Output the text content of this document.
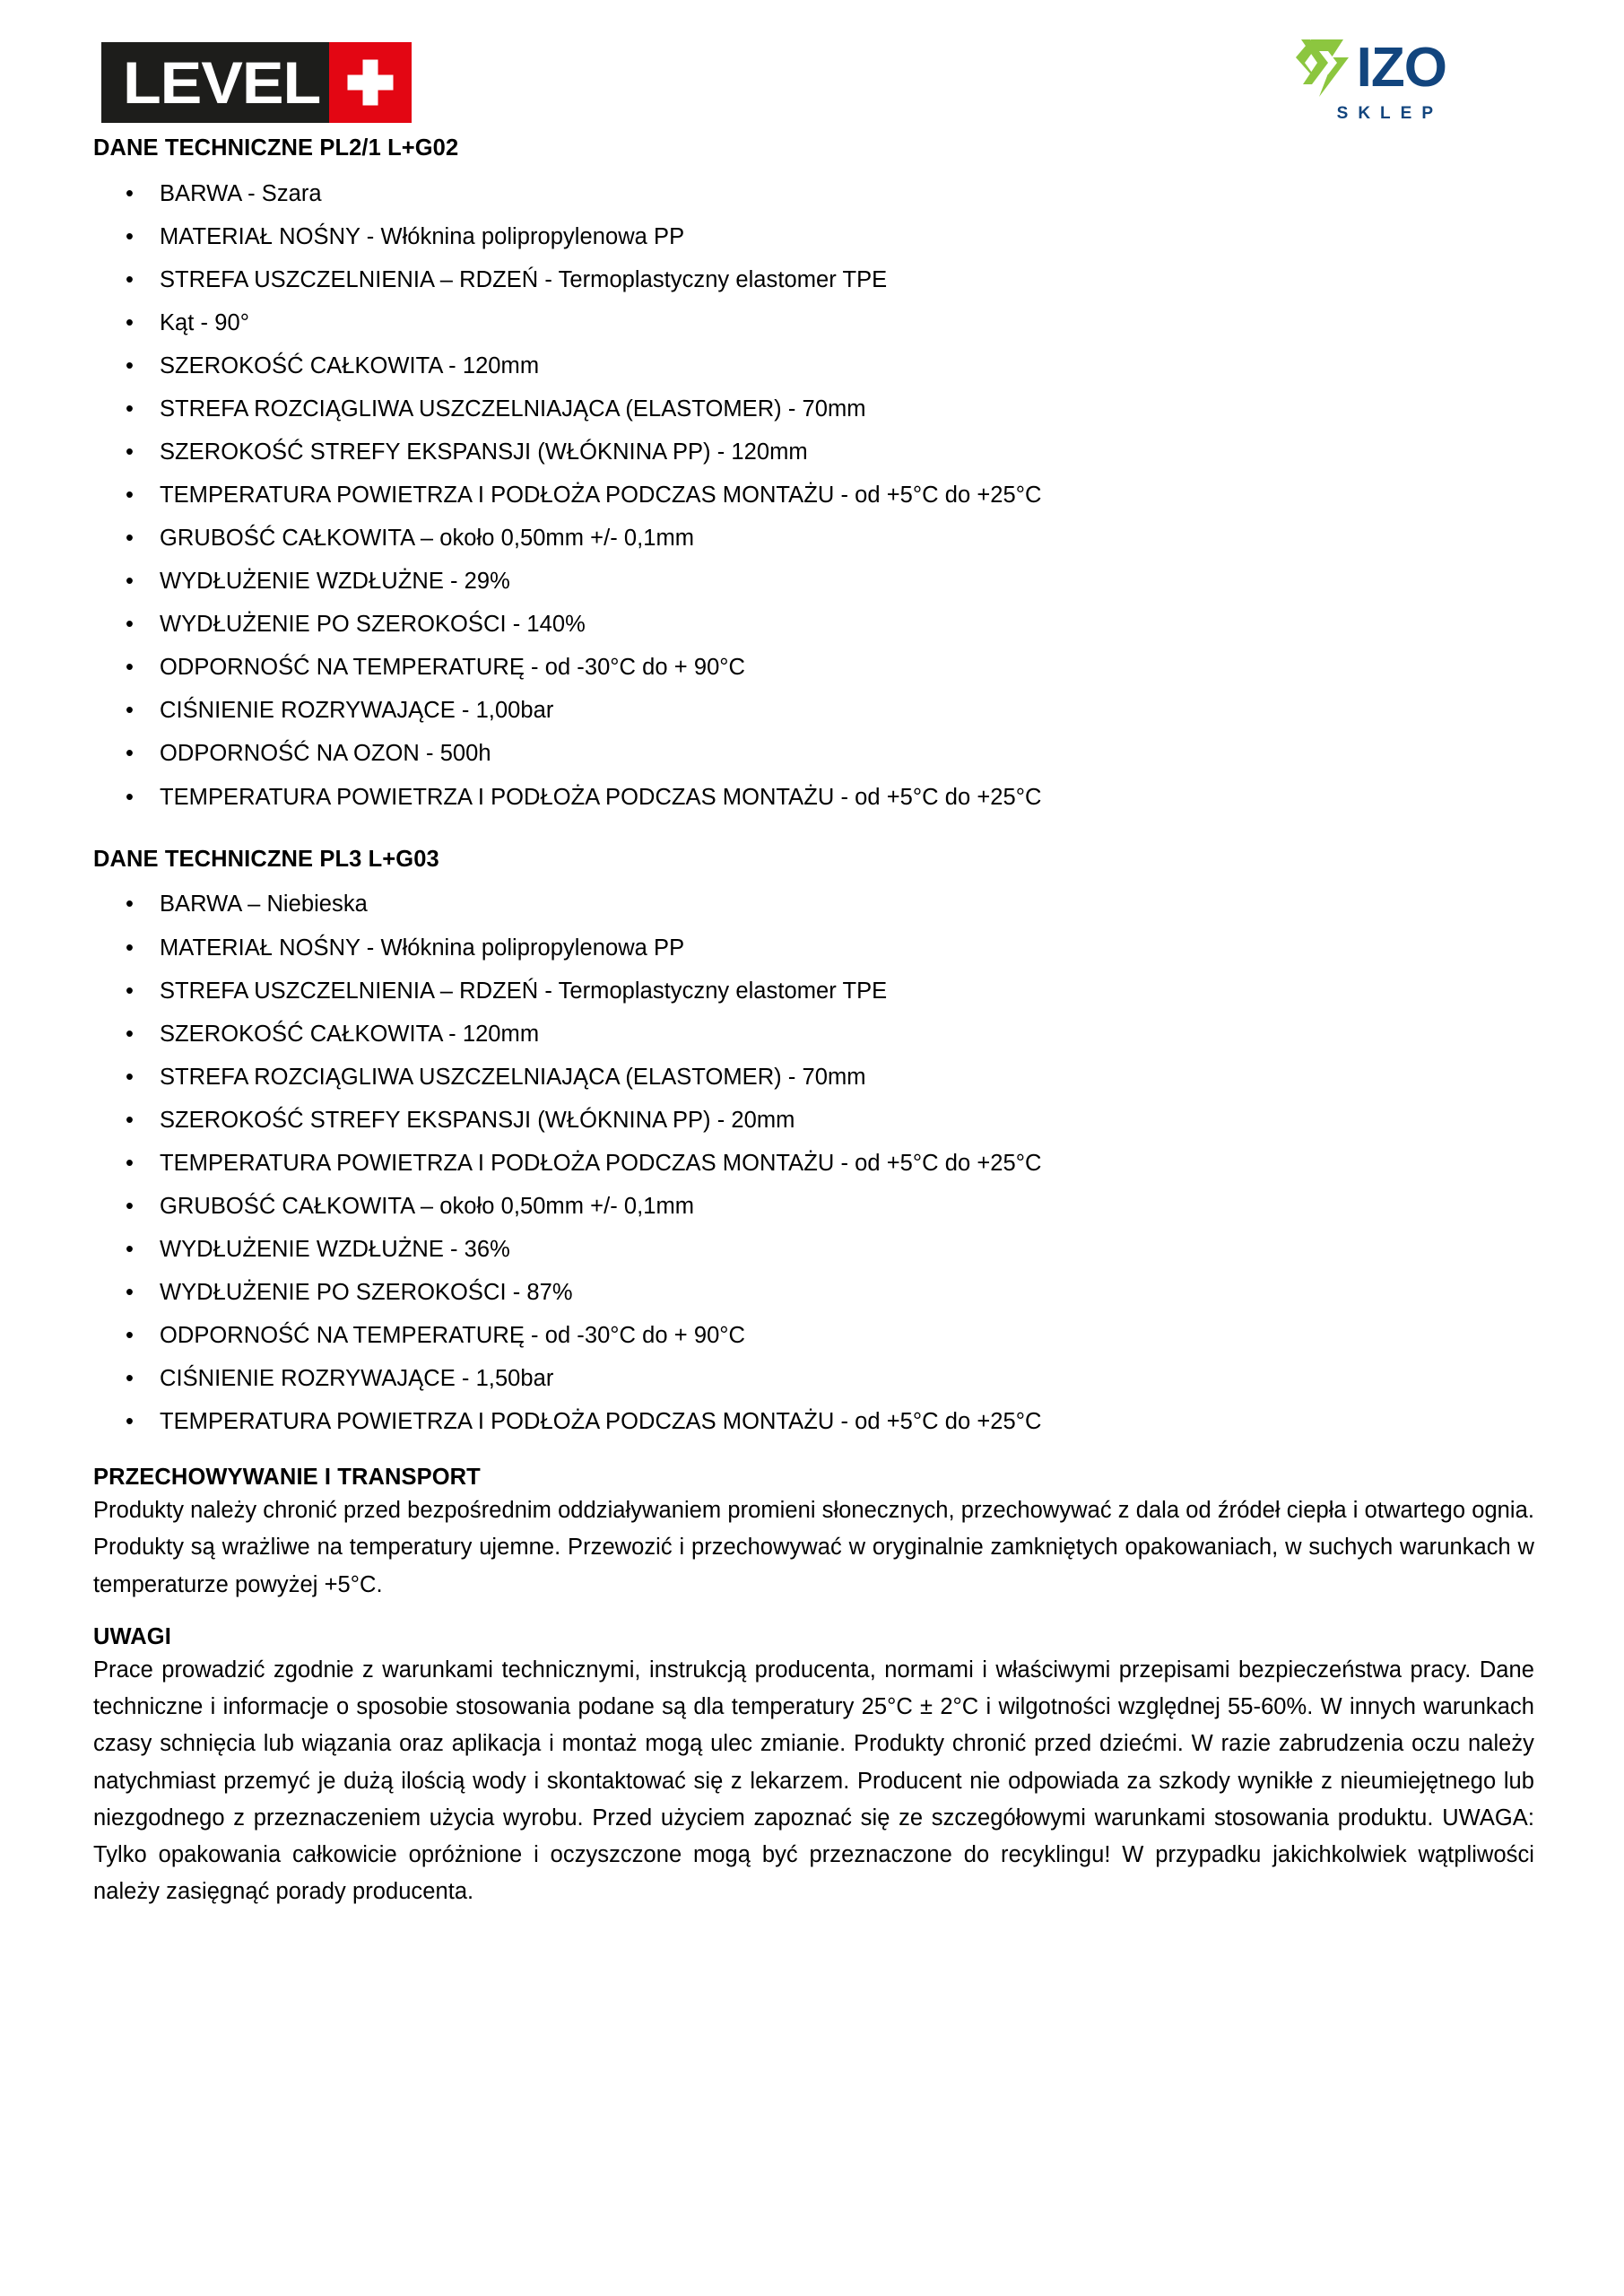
LEVEL	IZO
SKLEP
DANE TECHNICZNE PL2/1 L+G02
• BARWA - Szara
• MATERIAŁ NOŚNY - Włóknina polipropylenowa PP
• STREFA USZCZELNIENIA – RDZEŃ - Termoplastyczny elastomer TPE
• Kąt - 90°
• SZEROKOŚĆ CAŁKOWITA - 120mm
• STREFA ROZCIĄGLIWA USZCZELNIAJĄCA (ELASTOMER) - 70mm
• SZEROKOŚĆ STREFY EKSPANSJI (WŁÓKNINA PP) - 120mm
• TEMPERATURA POWIETRZA I PODŁOŻA PODCZAS MONTAŻU - od +5°C do +25°C
• GRUBOŚĆ CAŁKOWITA – około 0,50mm +/- 0,1mm
• WYDŁUŻENIE WZDŁUŻNE - 29%
• WYDŁUŻENIE PO SZEROKOŚCI - 140%
• ODPORNOŚĆ NA TEMPERATURĘ - od -30°C do + 90°C
• CIŚNIENIE ROZRYWAJĄCE - 1,00bar
• ODPORNOŚĆ NA OZON - 500h
• TEMPERATURA POWIETRZA I PODŁOŻA PODCZAS MONTAŻU - od +5°C do +25°C
DANE TECHNICZNE PL3 L+G03
• BARWA – Niebieska
• MATERIAŁ NOŚNY - Włóknina polipropylenowa PP
• STREFA USZCZELNIENIA – RDZEŃ - Termoplastyczny elastomer TPE
• SZEROKOŚĆ CAŁKOWITA - 120mm
• STREFA ROZCIĄGLIWA USZCZELNIAJĄCA (ELASTOMER) - 70mm
• SZEROKOŚĆ STREFY EKSPANSJI (WŁÓKNINA PP) - 20mm
• TEMPERATURA POWIETRZA I PODŁOŻA PODCZAS MONTAŻU - od +5°C do +25°C
• GRUBOŚĆ CAŁKOWITA – około 0,50mm +/- 0,1mm
• WYDŁUŻENIE WZDŁUŻNE - 36%
• WYDŁUŻENIE PO SZEROKOŚCI - 87%
• ODPORNOŚĆ NA TEMPERATURĘ - od -30°C do + 90°C
• CIŚNIENIE ROZRYWAJĄCE - 1,50bar
• TEMPERATURA POWIETRZA I PODŁOŻA PODCZAS MONTAŻU - od +5°C do +25°C
PRZECHOWYWANIE I TRANSPORT

Produkty należy chronić przed bezpośrednim oddziaływaniem promieni słonecznych, przechowywać z dala od źródeł ciepła i otwartego ognia. Produkty są wrażliwe na temperatury ujemne. Przewozić i przechowywać w oryginalnie zamkniętych opakowaniach, w suchych warunkach w temperaturze powyżej +5°C.

UWAGI

Prace prowadzić zgodnie z warunkami technicznymi, instrukcją producenta, normami i właściwymi przepisami bezpieczeństwa pracy. Dane techniczne i informacje o sposobie stosowania podane są dla temperatury 25°C ± 2°C i wilgotności względnej 55-60%. W innych warunkach czasy schnięcia lub wiązania oraz aplikacja i montaż mogą ulec zmianie. Produkty chronić przed dziećmi. W razie zabrudzenia oczu należy natychmiast przemyć je dużą ilością wody i skontaktować się z lekarzem. Producent nie odpowiada za szkody wynikłe z nieumiejętnego lub niezgodnego z przeznaczeniem użycia wyrobu. Przed użyciem zapoznać się ze szczegółowymi warunkami stosowania produktu. UWAGA: Tylko opakowania całkowicie opróżnione i oczyszczone mogą być przeznaczone do recyklingu! W przypadku jakichkolwiek wątpliwości należy zasięgnąć porady producenta.
